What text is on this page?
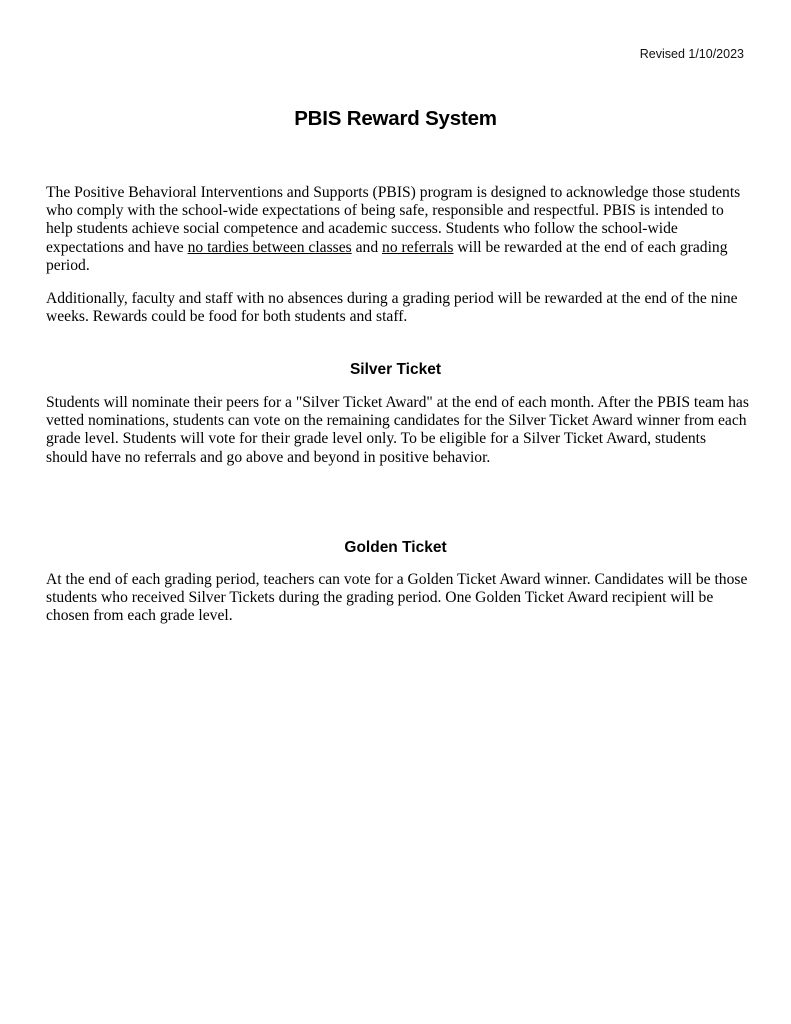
Revised 1/10/2023
PBIS Reward System

The Positive Behavioral Interventions and Supports (PBIS) program is designed to acknowledge those students who comply with the school-wide expectations of being safe, responsible and respectful. PBIS is intended to help students achieve social competence and academic success. Students who follow the school-wide expectations and have no tardies between classes and no referrals will be rewarded at the end of each grading period.

Additionally, faculty and staff with no absences during a grading period will be rewarded at the end of the nine weeks. Rewards could be food for both students and staff.

Silver Ticket

Students will nominate their peers for a "Silver Ticket Award" at the end of each month. After the PBIS team has vetted nominations, students can vote on the remaining candidates for the Silver Ticket Award winner from each grade level. Students will vote for their grade level only. To be eligible for a Silver Ticket Award, students should have no referrals and go above and beyond in positive behavior.

Golden Ticket

At the end of each grading period, teachers can vote for a Golden Ticket Award winner. Candidates will be those students who received Silver Tickets during the grading period. One Golden Ticket Award recipient will be chosen from each grade level.
